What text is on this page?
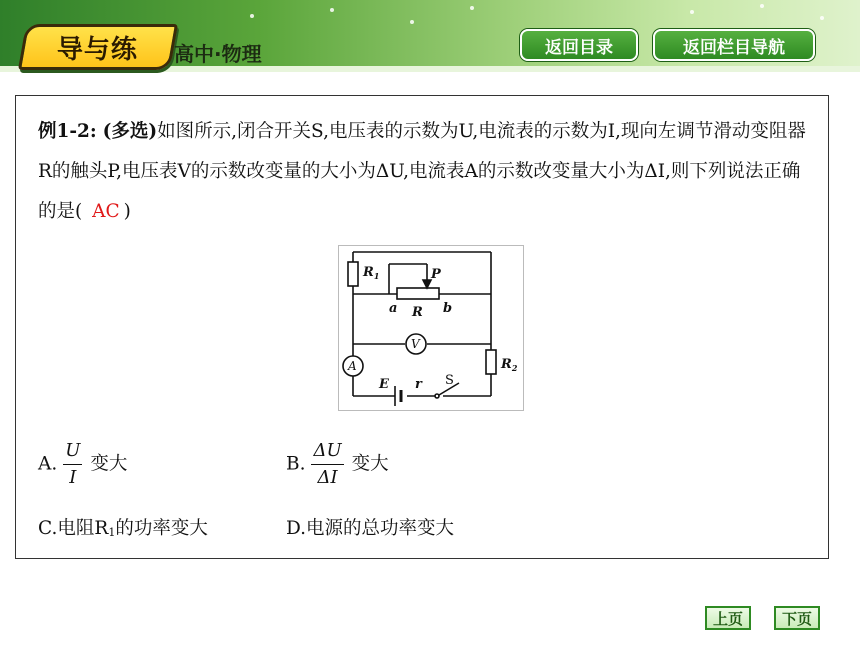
导与练 高中·物理	返回目录	返回栏目导航
例1-2: (多选)如图所示,闭合开关S,电压表的示数为U,电流表的示数为I,现向左调节滑动变阻器R的触头P,电压表V的示数改变量的大小为ΔU,电流表A的示数改变量大小为ΔI,则下列说法正确的是( AC )
$R_1$	P
a R b
$R_2$
E r
V
A
S
A. $\frac{U}{I}$ 变大	B. $\frac{\Delta U}{\Delta I}$ 变大
C.电阻R1的功率变大	D.电源的总功率变大
上页	下页
